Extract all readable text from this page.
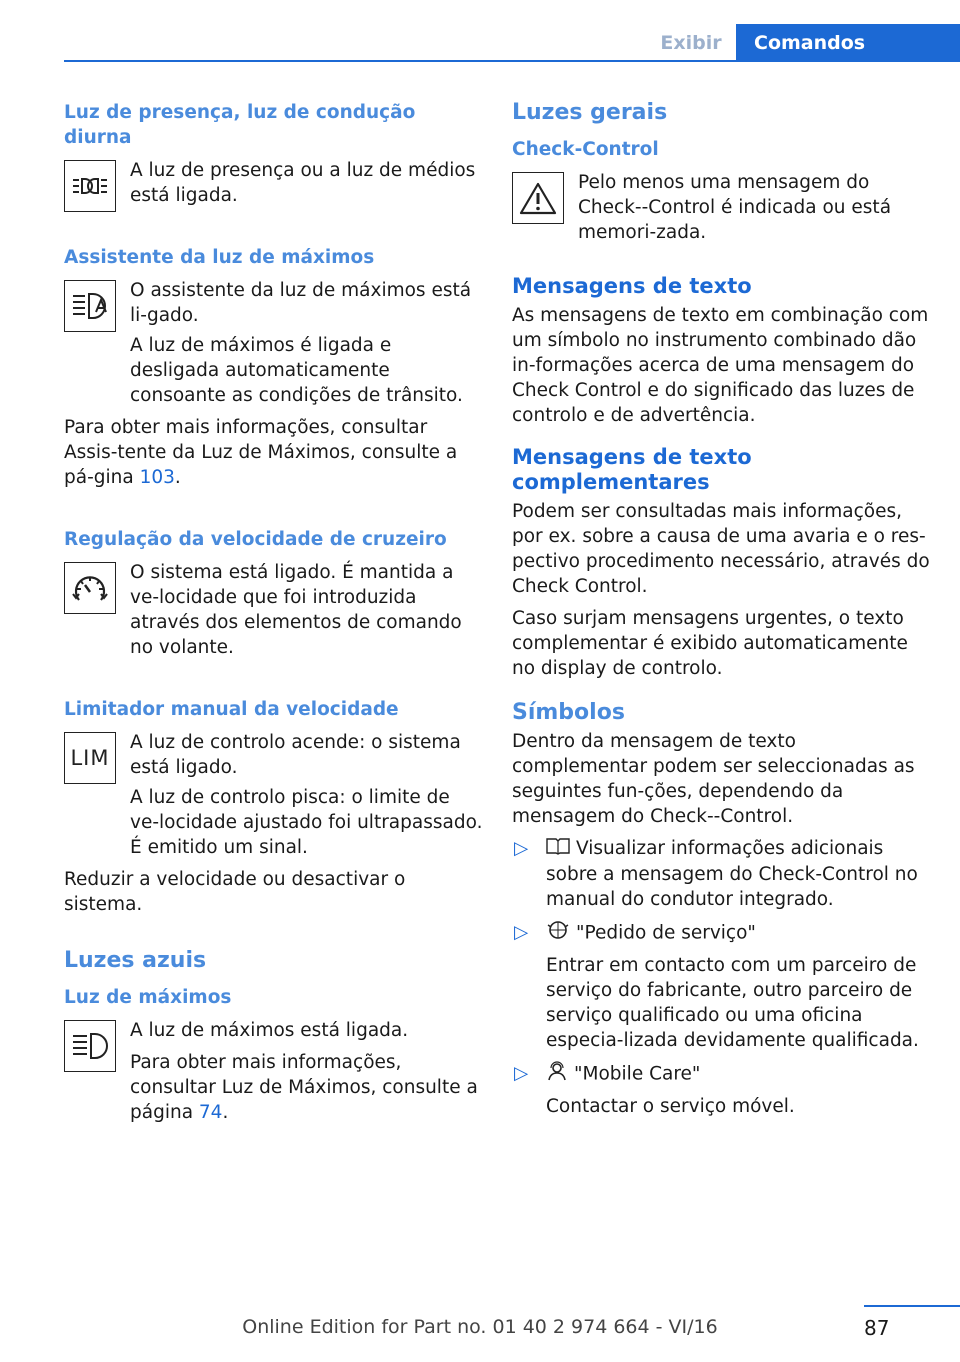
Exibir	Comandos
Luz de presença, luz de condução diurna

A luz de presença ou a luz de médios está ligada.

Assistente da luz de máximos

O assistente da luz de máximos está li‐gado.

A luz de máximos é ligada e desligada automaticamente consoante as condições de trânsito.

Para obter mais informações, consultar Assis‐tente da Luz de Máximos, consulte a pá‐gina 103.

Regulação da velocidade de cruzeiro

O sistema está ligado. É mantida a ve‐locidade que foi introduzida através dos elementos de comando no volante.

Limitador manual da velocidade
LIM

A luz de controlo acende: o sistema está ligado.

A luz de controlo pisca: o limite de ve‐locidade ajustado foi ultrapassado. É emitido um sinal.

Reduzir a velocidade ou desactivar o sistema.

Luzes azuis
Luz de máximos

A luz de máximos está ligada.

Para obter mais informações, consultar Luz de Máximos, consulte a página 74.

Luzes gerais
Check-Control

Pelo menos uma mensagem do Check-‐Control é indicada ou está memori‐zada.

Mensagens de texto

As mensagens de texto em combinação com um símbolo no instrumento combinado dão in‐formações acerca de uma mensagem do Check Control e do significado das luzes de controlo e de advertência.

Mensagens de texto complementares

Podem ser consultadas mais informações, por ex. sobre a causa de uma avaria e o res‐pectivo procedimento necessário, através do Check Control.

Caso surjam mensagens urgentes, o texto complementar é exibido automaticamente no display de controlo.

Símbolos

Dentro da mensagem de texto complementar podem ser seleccionadas as seguintes fun‐ções, dependendo da mensagem do Check-‐Control.

▷	Visualizar informações adicionais sobre a mensagem do Check-Control no manual do condutor integrado.
▷	"Pedido de serviço"

Entrar em contacto com um parceiro de serviço do fabricante, outro parceiro de serviço qualificado ou uma oficina especia‐lizada devidamente qualificada.

▷ "Mobile Care"

Contactar o serviço móvel.

87
Online Edition for Part no. 01 40 2 974 664 - VI/16
